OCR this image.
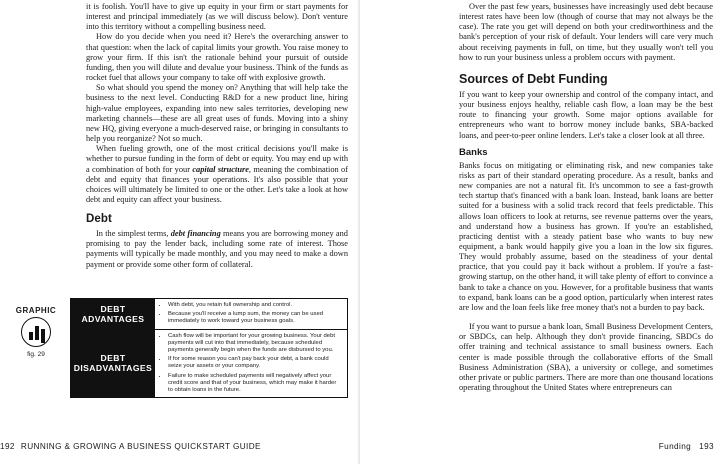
it is foolish. You'll have to give up equity in your firm or start payments for interest and principal immediately (as we will discuss below). Don't venture into this territory without a compelling business need.

How do you decide when you need it? Here's the overarching answer to that question: when the lack of capital limits your growth. You raise money to grow your firm. If this isn't the rationale behind your pursuit of outside funding, then you will dilute and devalue your business. Think of the funds as rocket fuel that allows your company to take off with explosive growth.

So what should you spend the money on? Anything that will help take the business to the next level. Conducting R&D for a new product line, hiring high-value employees, expanding into new sales territories, developing new marketing channels—these are all great uses of funds. Moving into a shiny new HQ, giving everyone a much-deserved raise, or bringing in consultants to help you reorganize? Not so much.

When fueling growth, one of the most critical decisions you'll make is whether to pursue funding in the form of debt or equity. You may end up with a combination of both for your capital structure, meaning the combination of debt and equity that finances your operations. It's also possible that your choices will ultimately be limited to one or the other. Let's take a look at how debt and equity can affect your business.

Debt

In the simplest terms, debt financing means you are borrowing money and promising to pay the lender back, including some rate of interest. Those payments will typically be made monthly, and you may need to make a down payment or provide some other form of collateral.

GRAPHIC
fig. 29
DEBT ADVANTAGES
• With debt, you retain full ownership and control.
• Because you'll receive a lump sum, the money can be used immediately to work toward your business goals.
DEBT DISADVANTAGES
• Cash flow will be important for your growing business. Your debt payments will cut into that immediately, because scheduled payments generally begin when the funds are disbursed to you.
• If for some reason you can't pay back your debt, a bank could seize your assets or your company.
• Failure to make scheduled payments will negatively affect your credit score and that of your business, which may make it harder to obtain loans in the future.
192 RUNNING & GROWING A BUSINESS QUICKSTART GUIDE	Funding 193

Over the past few years, businesses have increasingly used debt because interest rates have been low (though of course that may not always be the case). The rate you get will depend on both your creditworthiness and the bank's perception of your risk of default. Your lenders will care very much about receiving payments in full, on time, but they usually won't tell you how to run your business unless a problem occurs with payment.

Sources of Debt Funding

If you want to keep your ownership and control of the company intact, and your business enjoys healthy, reliable cash flow, a loan may be the best route to financing your growth. Some major options available for entrepreneurs who want to borrow money include banks, SBA-backed loans, and peer-to-peer online lenders. Let's take a closer look at all three.

Banks

Banks focus on mitigating or eliminating risk, and new companies take risks as part of their standard operating procedure. As a result, banks and new companies are not a natural fit. It's uncommon to see a fast-growth tech startup that's financed with a bank loan. Instead, bank loans are better suited for a business with a solid track record that feels predictable. This allows loan officers to look at returns, see revenue patterns over the years, and understand how a business has grown. If you're an established, practicing dentist with a steady patient base who wants to buy new equipment, a bank would happily give you a loan in the low six figures. They would probably assume, based on the steadiness of your dental practice, that you could pay it back without a problem. If you're a fast-growing startup, on the other hand, it will take plenty of effort to convince a bank to take a chance on you. However, for a profitable business that wants to expand, bank loans can be a good option, particularly when interest rates are low and the loan feels like free money that's not a burden to pay back.

If you want to pursue a bank loan, Small Business Development Centers, or SBDCs, can help. Although they don't provide financing, SBDCs do offer training and technical assistance to small business owners. Each center is made possible through the collaborative efforts of the Small Business Administration (SBA), a university or college, and sometimes other private or public partners. There are more than one thousand locations operating throughout the United States where entrepreneurs can
